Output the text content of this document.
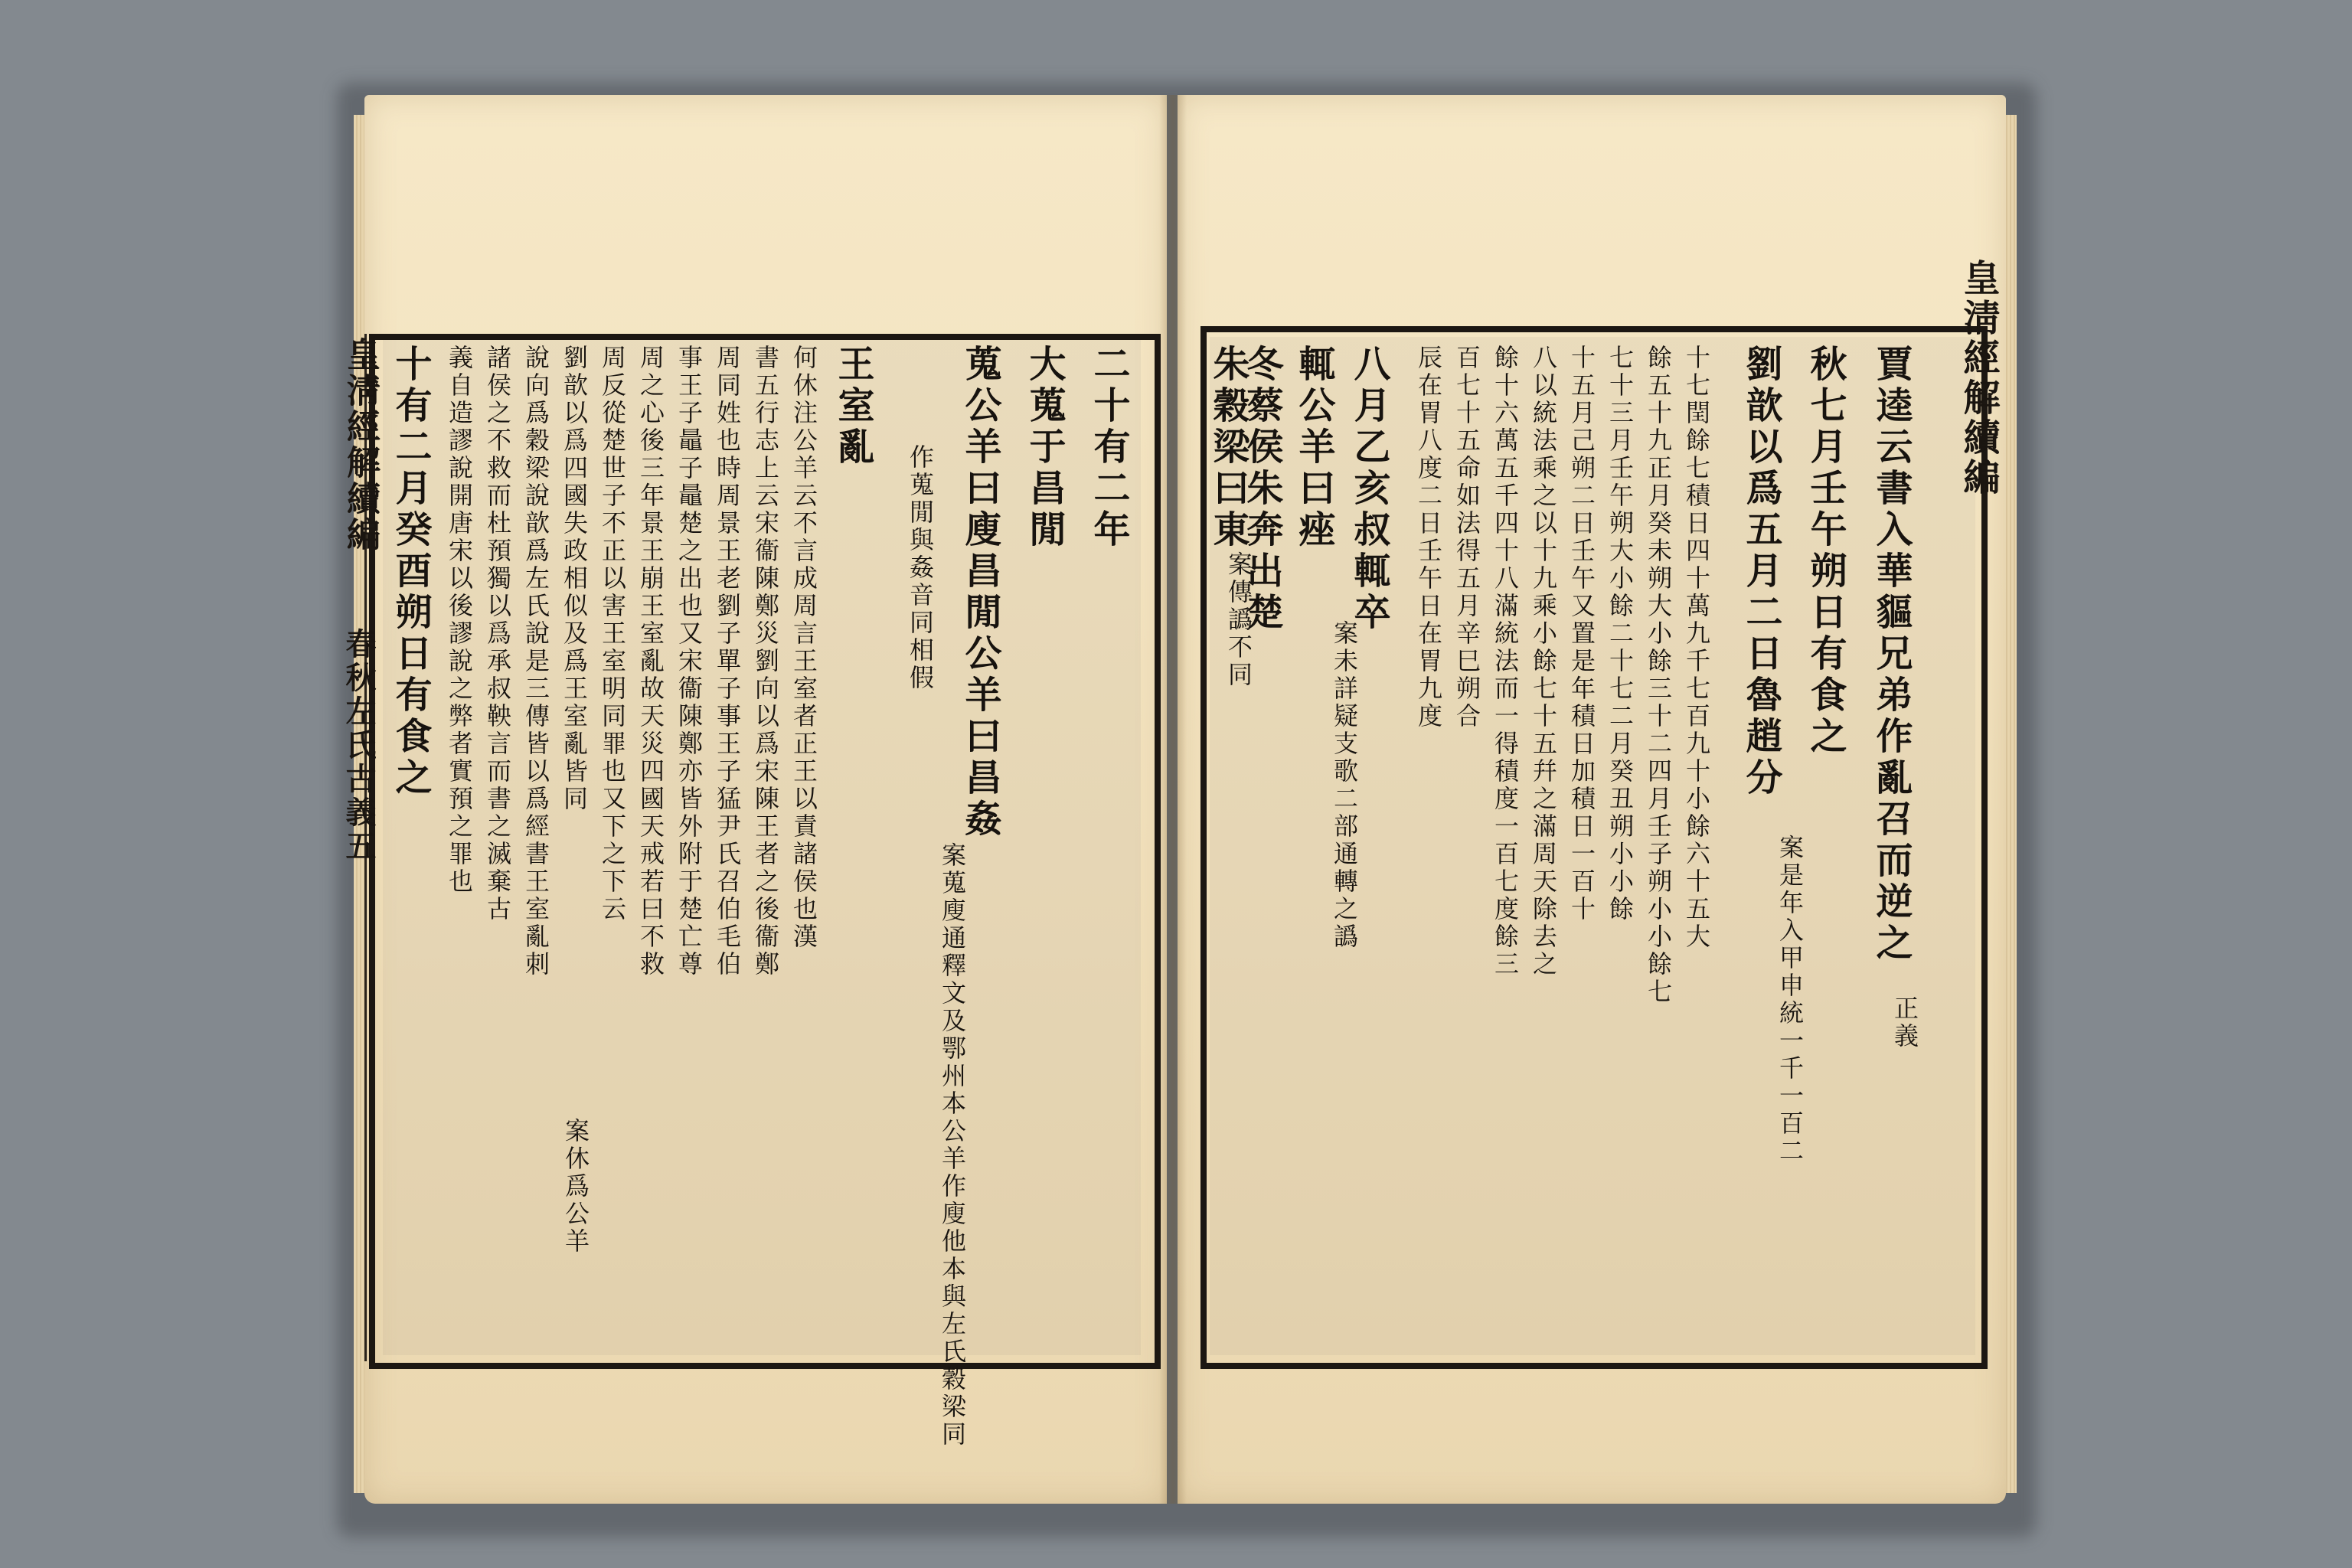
皇淸經解續編
賈逵云書入華貙兄弟作亂召而逆之
正義
秋七月壬午朔日有食之
劉歆以爲五月二日魯趙分
案是年入甲申統一千一百二
十七閏餘七積日四十萬九千七百九十小餘六十五大
餘五十九正月癸未朔大小餘三十二四月壬子朔小小餘七
七十三月壬午朔大小餘二十七二月癸丑朔小小餘
十五月己朔二日壬午又置是年積日加積日一百十
八以統法乘之以十九乘小餘七十五幷之滿周天除去之
餘十六萬五千四十八滿統法而一得積度一百七度餘三
百七十五命如法得五月辛巳朔合
辰在胃八度二日壬午日在胃九度
八月乙亥叔輒卒
輒公羊曰痤
案未詳疑支歌二部通轉之譌
冬蔡侯朱奔出楚
朱穀梁曰東
案傳譌不同
二十有二年
大蒐于昌閒
蒐公羊曰廋昌閒公羊曰昌姦
案蒐廋通釋文及鄂州本公羊作廋他本與左氏穀梁同
作蒐閒與姦音同相假
王室亂
何休注公羊云不言成周言王室者正王以責諸侯也漢
書五行志上云宋衞陳鄭災劉向以爲宋陳王者之後衞鄭
周同姓也時周景王老劉子單子事王子猛尹氏召伯毛伯
事王子鼂子鼂楚之出也又宋衞陳鄭亦皆外附于楚亡尊
周之心後三年景王崩王室亂故天災四國天戒若曰不救
周反從楚世子不正以害王室明同罪也又下之下云
劉歆以爲四國失政相似及爲王室亂皆同
案休爲公羊
說向爲穀梁說歆爲左氏說是三傳皆以爲經書王室亂刺
諸侯之不救而杜預獨以爲承叔鞅言而書之滅棄古
義自造謬說開唐宋以後謬說之弊者實預之罪也
十有二月癸酉朔日有食之
皇淸經解續編
春秋左氏古義五
